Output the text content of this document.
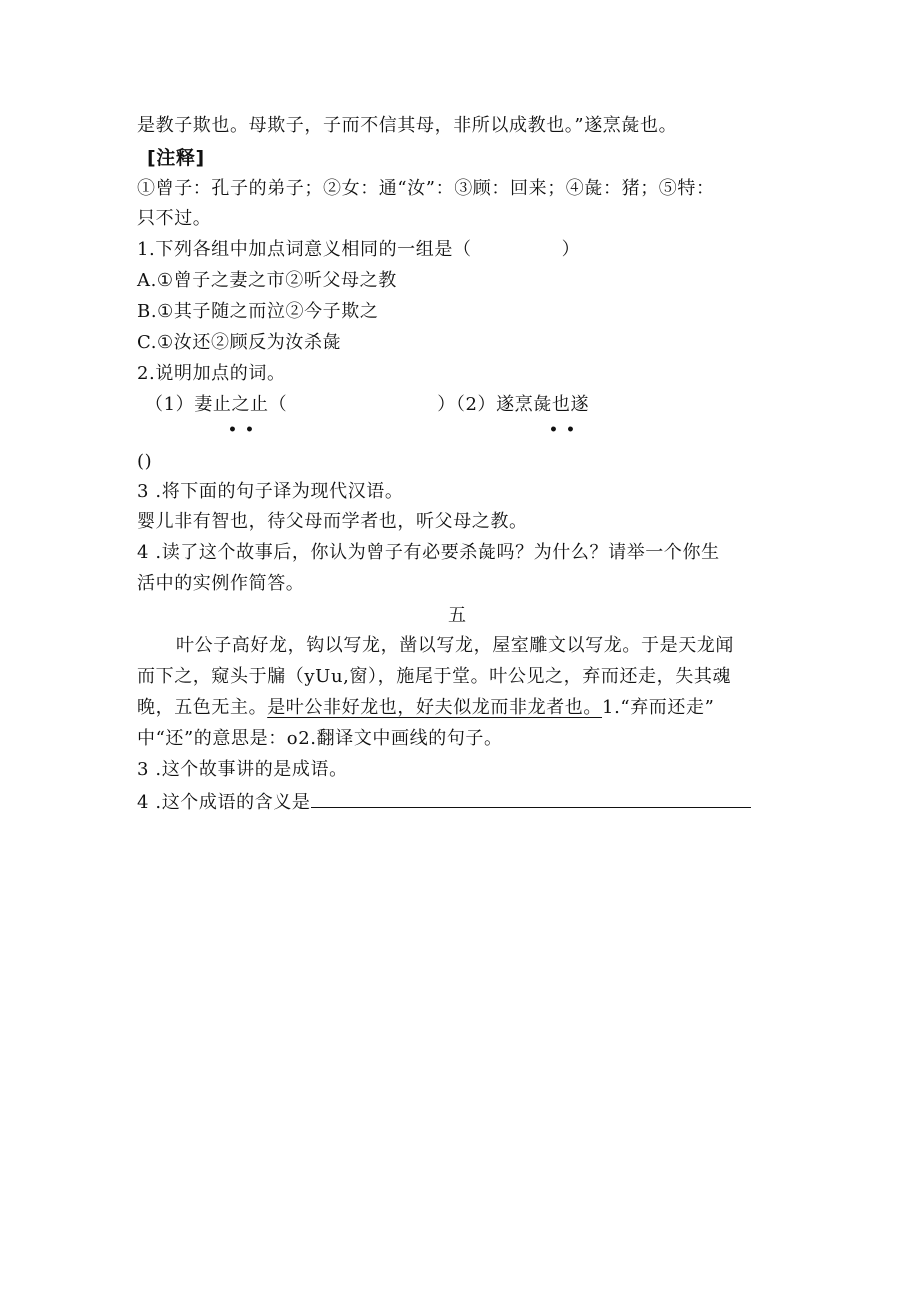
是教子欺也。母欺子，子而不信其母，非所以成教也。”遂烹彘也。
[注释]
①曾子：孔子的弟子；②女：通“汝”：③顾：回来；④彘：猪；⑤特：
只不过。
1.下列各组中加点词意义相同的一组是（	）
A.①曾子之妻之市②听父母之教
B.①其子随之而泣②今子欺之
C.①汝还②顾反为汝杀彘
2.说明加点的词。
（1）妻止之止（	）（2）遂烹彘也遂
••	••
()
3 .将下面的句子译为现代汉语。
婴儿非有智也，待父母而学者也，听父母之教。
4 .读了这个故事后，你认为曾子有必要杀彘吗？为什么？请举一个你生
活中的实例作简答。
五
叶公子高好龙，钩以写龙，凿以写龙，屋室雕文以写龙。于是天龙闻
而下之，窥头于牖（yUu,窗），施尾于堂。叶公见之，弃而还走，失其魂
晚，五色无主。是叶公非好龙也，好夫似龙而非龙者也。1.“弃而还走”
中“还”的意思是：o2.翻译文中画线的句子。
3 .这个故事讲的是成语。
4 .这个成语的含义是
